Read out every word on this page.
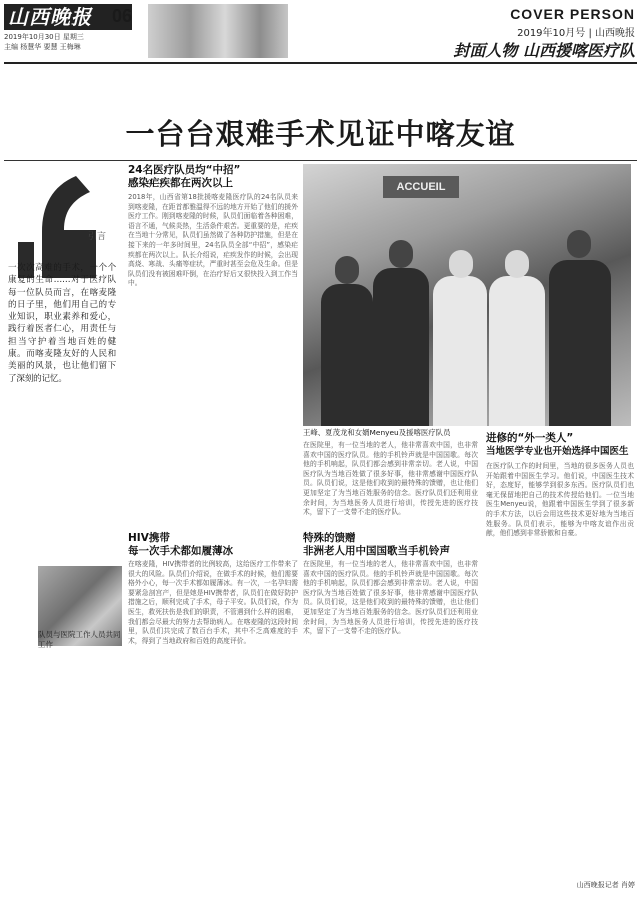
山西晚报	06
2019年10月30日 星期三
主编 杨慧华 要慧 王梅琳
COVER PERSON
2019年10月号 | 山西晚报
封面人物 山西援喀医疗队
一台台艰难手术见证中喀友谊
引言
一次次高难的手术，一个个康复的生命……对于医疗队每一位队员而言，在喀麦隆的日子里，他们用自己的专业知识，职业素养和爱心，践行着医者仁心，用责任与担当守护着当地百姓的健康。而喀麦隆友好的人民和美丽的风景，也让他们留下了深刻的记忆。
队员与医院工作人员共同工作
24名医疗队员均“中招”
感染疟疾都在两次以上
2018年，山西省第18批援喀麦隆医疗队的24名队员来到喀麦隆，在距首都雅温得不远的地方开始了他们的援外医疗工作。刚到喀麦隆的时候，队员们面临着各种困难，语言不通，气候炎热，生活条件艰苦。更重要的是，疟疾在当地十分常见，队员们虽然做了各种防护措施，但是在接下来的一年多时间里，24名队员全部“中招”，感染疟疾都在两次以上。队长介绍说，疟疾发作的时候，会出现高烧、寒战、头痛等症状，严重时甚至会危及生命。但是队员们没有被困难吓倒，在治疗好后又很快投入到工作当中。
HIV携带
每一次手术都如履薄冰
在喀麦隆，HIV携带者的比例较高，这给医疗工作带来了很大的风险。队员们介绍说，在做手术的时候，他们需要格外小心，每一次手术都如履薄冰。有一次，一名孕妇需要紧急剖宫产，但是她是HIV携带者，队员们在做好防护措施之后，顺利完成了手术，母子平安。队员们说，作为医生，救死扶伤是我们的职责，不管遇到什么样的困难，我们都会尽最大的努力去帮助病人。在喀麦隆的这段时间里，队员们共完成了数百台手术，其中不乏高难度的手术，得到了当地政府和百姓的高度评价。
ACCUEIL
王峰、夏茂龙和女婿Menyeu及援喀医疗队员
在医院里，有一位当地的老人，他非常喜欢中国，也非常喜欢中国的医疗队员。他的手机铃声就是中国国歌。每次他的手机响起，队员们都会感到非常亲切。老人说，中国医疗队为当地百姓做了很多好事，他非常感谢中国医疗队员。队员们说，这是他们收到的最特殊的馈赠，也让他们更加坚定了为当地百姓服务的信念。医疗队员们还利用业余时间，为当地医务人员进行培训，传授先进的医疗技术，留下了一支带不走的医疗队。
特殊的馈赠
非洲老人用中国国歌当手机铃声
在医院里，有一位当地的老人，他非常喜欢中国，也非常喜欢中国的医疗队员。他的手机铃声就是中国国歌。每次他的手机响起，队员们都会感到非常亲切。老人说，中国医疗队为当地百姓做了很多好事，他非常感谢中国医疗队员。队员们说，这是他们收到的最特殊的馈赠，也让他们更加坚定了为当地百姓服务的信念。医疗队员们还利用业余时间，为当地医务人员进行培训，传授先进的医疗技术，留下了一支带不走的医疗队。
进修的“外一类人”
当地医学专业也开始选择中国医生
在医疗队工作的时间里，当地的很多医务人员也开始跟着中国医生学习。他们说，中国医生技术好，态度好，能够学到很多东西。医疗队员们也毫无保留地把自己的技术传授给他们。一位当地医生Menyeu说，他跟着中国医生学到了很多新的手术方法，以后会用这些技术更好地为当地百姓服务。队员们表示，能够为中喀友谊作出贡献，他们感到非常骄傲和自豪。
山西晚报记者 肖婷
